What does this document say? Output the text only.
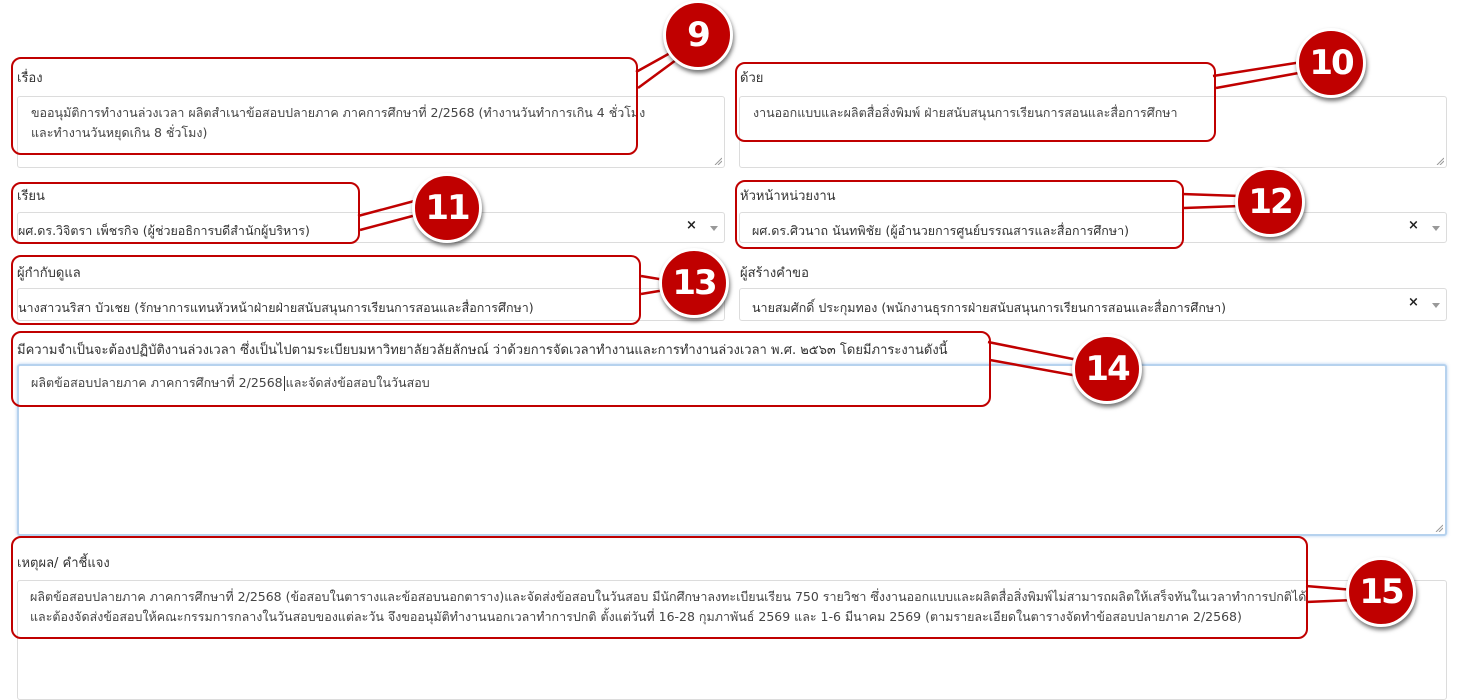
เรื่อง
ขออนุมัติการทำงานล่วงเวลา ผลิตสำเนาข้อสอบปลายภาค ภาคการศึกษาที่ 2/2568 (ทำงานวันทำการเกิน 4 ชั่วโมง
และทำงานวันหยุดเกิน 8 ชั่วโมง)
ด้วย
งานออกแบบและผลิตสื่อสิ่งพิมพ์ ฝ่ายสนับสนุนการเรียนการสอนและสื่อการศึกษา
เรียน
ผศ.ดร.วิจิตรา เพ็ชรกิจ (ผู้ช่วยอธิการบดีสำนักผู้บริหาร)	×
หัวหน้าหน่วยงาน
ผศ.ดร.ศิวนาถ นันทพิชัย (ผู้อำนวยการศูนย์บรรณสารและสื่อการศึกษา)	×
ผู้กำกับดูแล
นางสาวนริสา บัวเชย (รักษาการแทนหัวหน้าฝ่ายฝ่ายสนับสนุนการเรียนการสอนและสื่อการศึกษา)
ผู้สร้างคำขอ
นายสมศักดิ์ ประกุมทอง (พนักงานธุรการฝ่ายสนับสนุนการเรียนการสอนและสื่อการศึกษา)	×
มีความจำเป็นจะต้องปฏิบัติงานล่วงเวลา ซึ่งเป็นไปตามระเบียบมหาวิทยาลัยวลัยลักษณ์ ว่าด้วยการจัดเวลาทำงานและการทำงานล่วงเวลา พ.ศ. ๒๕๖๓ โดยมีภาระงานดังนี้
ผลิตข้อสอบปลายภาค ภาคการศึกษาที่ 2/2568 และจัดส่งข้อสอบในวันสอบ
เหตุผล/ คำชี้แจง
ผลิตข้อสอบปลายภาค ภาคการศึกษาที่ 2/2568 (ข้อสอบในตารางและข้อสอบนอกตาราง)และจัดส่งข้อสอบในวันสอบ มีนักศึกษาลงทะเบียนเรียน 750 รายวิชา ซึ่งงานออกแบบและผลิตสื่อสิ่งพิมพ์ไม่สามารถผลิตให้เสร็จทันในเวลาทำการปกติได้
และต้องจัดส่งข้อสอบให้คณะกรรมการกลางในวันสอบของแต่ละวัน จึงขออนุมัติทำงานนอกเวลาทำการปกติ ตั้งแต่วันที่ 16-28 กุมภาพันธ์ 2569 และ 1-6 มีนาคม 2569 (ตามรายละเอียดในตารางจัดทำข้อสอบปลายภาค 2/2568)
9
10
11	12
13
14
15
